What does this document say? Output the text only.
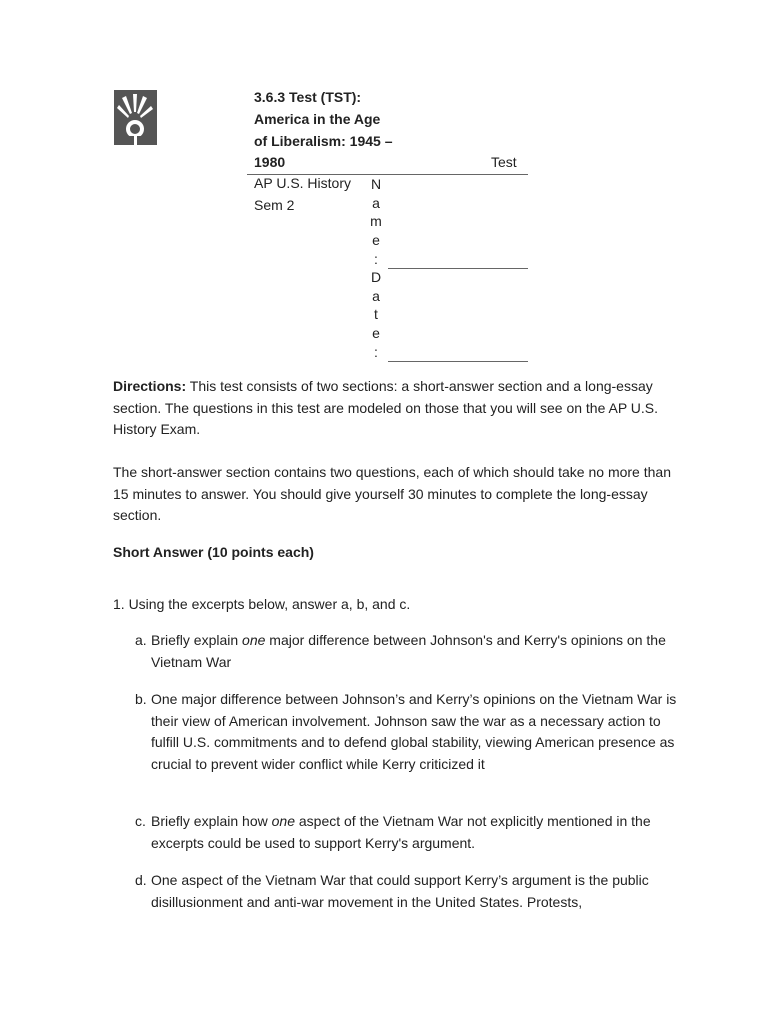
3.6.3 Test (TST): America in the Age of Liberalism: 1945 – 1980	Test
AP U.S. History Sem 2
N
a
m
e
:
D
a
t
e
:
Directions: This test consists of two sections: a short-answer section and a long-essay section. The questions in this test are modeled on those that you will see on the AP U.S. History Exam.
The short-answer section contains two questions, each of which should take no more than 15 minutes to answer. You should give yourself 30 minutes to complete the long-essay section.
Short Answer (10 points each)
1. Using the excerpts below, answer a, b, and c.
a. Briefly explain one major difference between Johnson's and Kerry's opinions on the Vietnam War
b. One major difference between Johnson’s and Kerry’s opinions on the Vietnam War is their view of American involvement. Johnson saw the war as a necessary action to fulfill U.S. commitments and to defend global stability, viewing American presence as crucial to prevent wider conflict while Kerry criticized it
c. Briefly explain how one aspect of the Vietnam War not explicitly mentioned in the excerpts could be used to support Kerry's argument.
d. One aspect of the Vietnam War that could support Kerry’s argument is the public disillusionment and anti-war movement in the United States. Protests,
